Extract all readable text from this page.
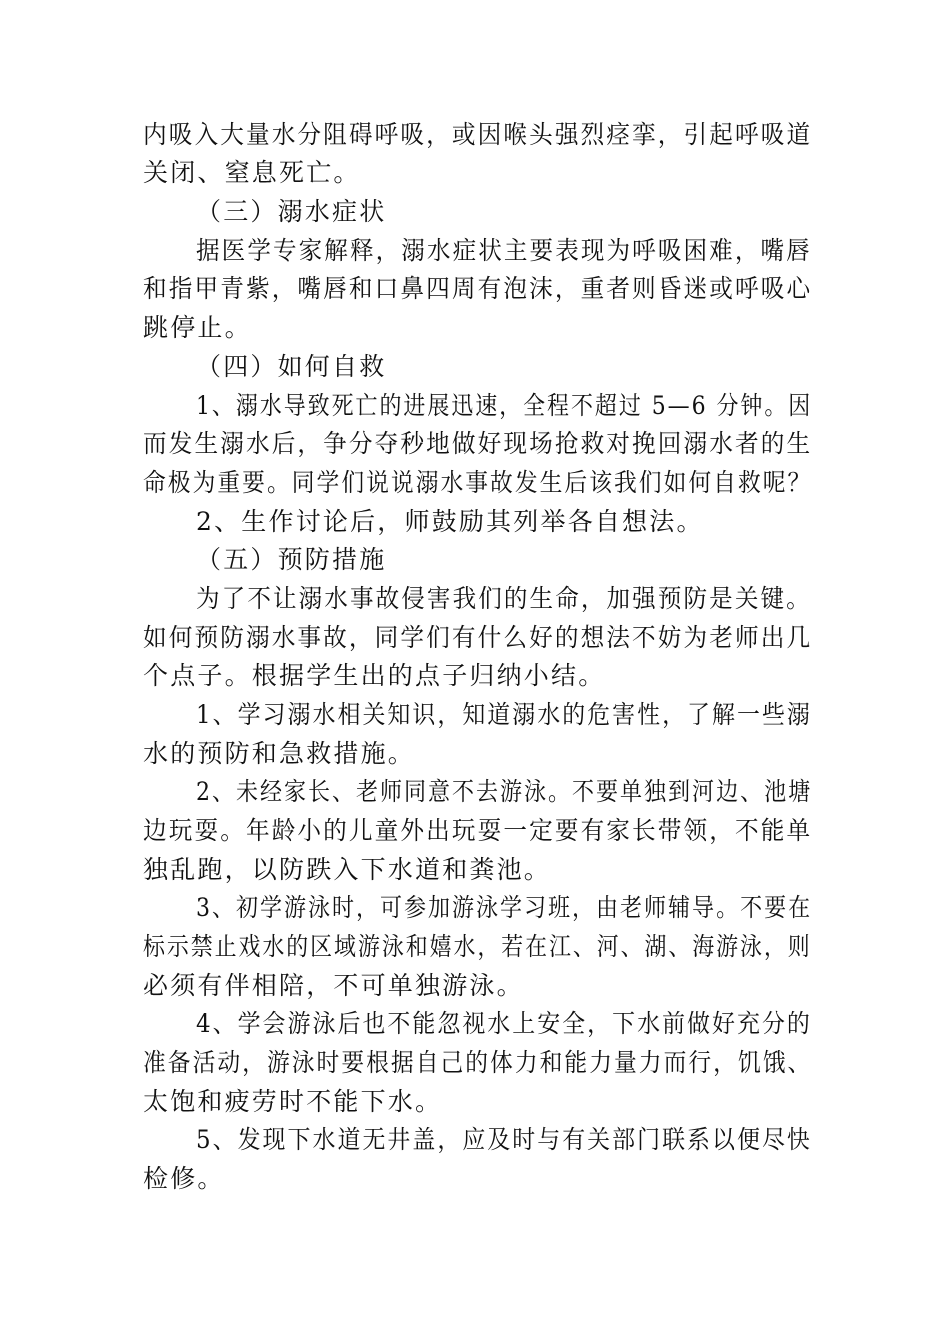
内吸入大量水分阻碍呼吸，或因喉头强烈痉挛，引起呼吸道
关闭、窒息死亡。
（三）溺水症状
据医学专家解释，溺水症状主要表现为呼吸困难，嘴唇
和指甲青紫，嘴唇和口鼻四周有泡沫，重者则昏迷或呼吸心
跳停止。
（四）如何自救
1、溺水导致死亡的进展迅速，全程不超过 5—6 分钟。因
而发生溺水后，争分夺秒地做好现场抢救对挽回溺水者的生
命极为重要。同学们说说溺水事故发生后该我们如何自救呢？
2、生作讨论后，师鼓励其列举各自想法。
（五）预防措施
为了不让溺水事故侵害我们的生命，加强预防是关键。
如何预防溺水事故，同学们有什么好的想法不妨为老师出几
个点子。根据学生出的点子归纳小结。
1、学习溺水相关知识，知道溺水的危害性，了解一些溺
水的预防和急救措施。
2、未经家长、老师同意不去游泳。不要单独到河边、池塘
边玩耍。年龄小的儿童外出玩耍一定要有家长带领，不能单
独乱跑，以防跌入下水道和粪池。
3、初学游泳时，可参加游泳学习班，由老师辅导。不要在
标示禁止戏水的区域游泳和嬉水，若在江、河、湖、海游泳，则
必须有伴相陪，不可单独游泳。
4、学会游泳后也不能忽视水上安全，下水前做好充分的
准备活动，游泳时要根据自己的体力和能力量力而行，饥饿、
太饱和疲劳时不能下水。
5、发现下水道无井盖，应及时与有关部门联系以便尽快
检修。
